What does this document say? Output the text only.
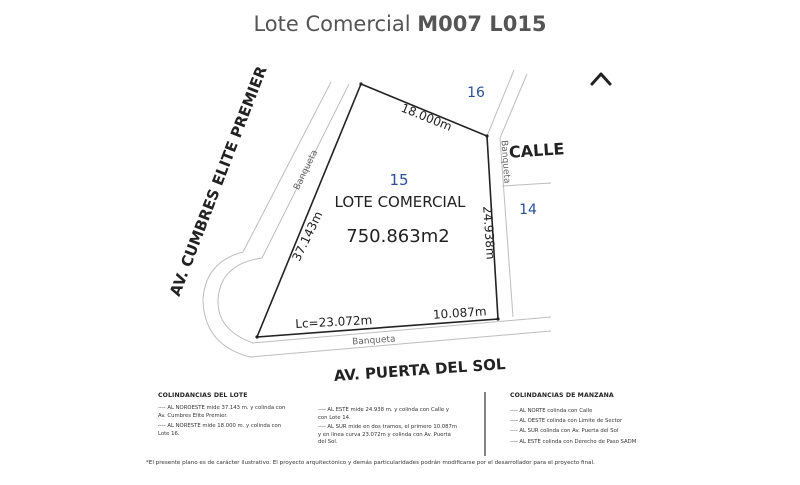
Lote Comercial M007 L015
15
LOTE COMERCIAL
750.863m2
16
14
18.000m
24.938m
37.143m
Lc=23.072m	10.087m
Banqueta	Banqueta
Banqueta
AV. CUMBRES ELITE PREMIER	CALLE
AV. PUERTA DEL SOL
COLINDANCIAS DEL LOTE
---- AL NOROESTE mide 37.143 m. y colinda con
Av. Cumbres Elite Premier.
---- AL NORESTE mide 18.000 m. y colinda con
Lote 16.
---- AL ESTE mide 24.938 m. y colinda con Calle y
con Lote 14.
---- AL SUR mide en dos tramos, el primero 10.087m
y en linea curva 23.072m y colinda con Av. Puerta
del Sol.
COLINDANCIAS DE MANZANA
---- AL NORTE colinda con Calle
---- AL OESTE colinda con Limite de Sector
---- AL SUR colinda con Av. Puerta del Sol
---- AL ESTE colinda con Derecho de Paso SADM
*El presente plano es de carácter ilustrativo. El proyecto arquitectónico y demás particularidades podrán modificarse por el desarrollador para el proyecto final.
